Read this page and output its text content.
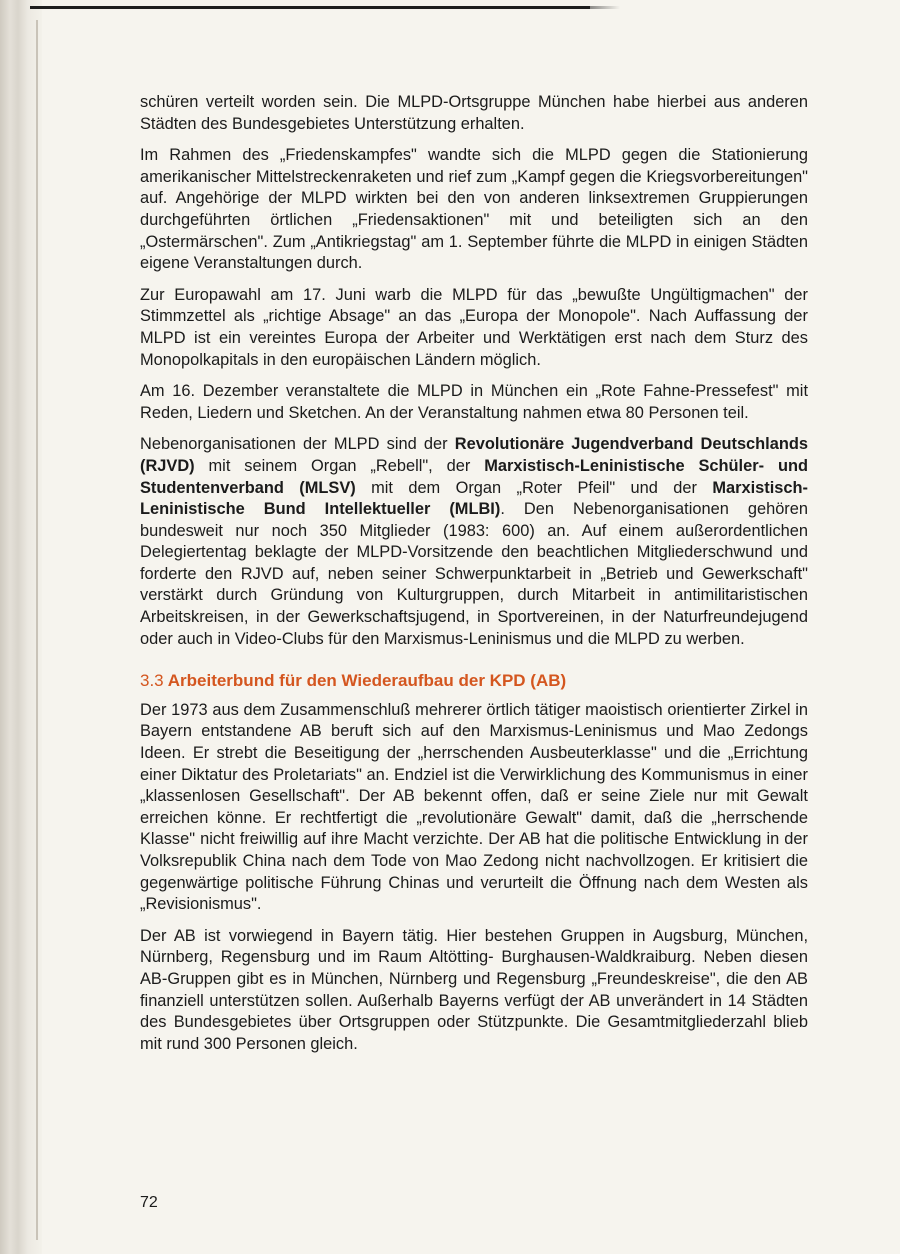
schüren verteilt worden sein. Die MLPD-Ortsgruppe München habe hierbei aus anderen Städten des Bundesgebietes Unterstützung erhalten.

Im Rahmen des „Friedenskampfes" wandte sich die MLPD gegen die Stationierung amerikanischer Mittelstreckenraketen und rief zum „Kampf gegen die Kriegsvorbereitungen" auf. Angehörige der MLPD wirkten bei den von anderen linksextremen Gruppierungen durchgeführten örtlichen „Friedensaktionen" mit und beteiligten sich an den „Ostermärschen". Zum „Antikriegstag" am 1. September führte die MLPD in einigen Städten eigene Veranstaltungen durch.

Zur Europawahl am 17. Juni warb die MLPD für das „bewußte Ungültigmachen" der Stimmzettel als „richtige Absage" an das „Europa der Monopole". Nach Auffassung der MLPD ist ein vereintes Europa der Arbeiter und Werktätigen erst nach dem Sturz des Monopolkapitals in den europäischen Ländern möglich.

Am 16. Dezember veranstaltete die MLPD in München ein „Rote Fahne-Pressefest" mit Reden, Liedern und Sketchen. An der Veranstaltung nahmen etwa 80 Personen teil.

Nebenorganisationen der MLPD sind der Revolutionäre Jugendverband Deutschlands (RJVD) mit seinem Organ „Rebell", der Marxistisch-Leninistische Schüler- und Studentenverband (MLSV) mit dem Organ „Roter Pfeil" und der Marxistisch-Leninistische Bund Intellektueller (MLBI). Den Nebenorganisationen gehören bundesweit nur noch 350 Mitglieder (1983: 600) an. Auf einem außerordentlichen Delegiertentag beklagte der MLPD-Vorsitzende den beachtlichen Mitgliederschwund und forderte den RJVD auf, neben seiner Schwerpunktarbeit in „Betrieb und Gewerkschaft" verstärkt durch Gründung von Kulturgruppen, durch Mitarbeit in antimilitaristischen Arbeitskreisen, in der Gewerkschaftsjugend, in Sportvereinen, in der Naturfreundejugend oder auch in Video-Clubs für den Marxismus-Leninismus und die MLPD zu werben.

3.3 Arbeiterbund für den Wiederaufbau der KPD (AB)

Der 1973 aus dem Zusammenschluß mehrerer örtlich tätiger maoistisch orientierter Zirkel in Bayern entstandene AB beruft sich auf den Marxismus-Leninismus und Mao Zedongs Ideen. Er strebt die Beseitigung der „herrschenden Ausbeuterklasse" und die „Errichtung einer Diktatur des Proletariats" an. Endziel ist die Verwirklichung des Kommunismus in einer „klassenlosen Gesellschaft". Der AB bekennt offen, daß er seine Ziele nur mit Gewalt erreichen könne. Er rechtfertigt die „revolutionäre Gewalt" damit, daß die „herrschende Klasse" nicht freiwillig auf ihre Macht verzichte. Der AB hat die politische Entwicklung in der Volksrepublik China nach dem Tode von Mao Zedong nicht nachvollzogen. Er kritisiert die gegenwärtige politische Führung Chinas und verurteilt die Öffnung nach dem Westen als „Revisionismus".

Der AB ist vorwiegend in Bayern tätig. Hier bestehen Gruppen in Augsburg, München, Nürnberg, Regensburg und im Raum Altötting- Burghausen-Waldkraiburg. Neben diesen AB-Gruppen gibt es in München, Nürnberg und Regensburg „Freundeskreise", die den AB finanziell unterstützen sollen. Außerhalb Bayerns verfügt der AB unverändert in 14 Städten des Bundesgebietes über Ortsgruppen oder Stützpunkte. Die Gesamtmitgliederzahl blieb mit rund 300 Personen gleich.

72
